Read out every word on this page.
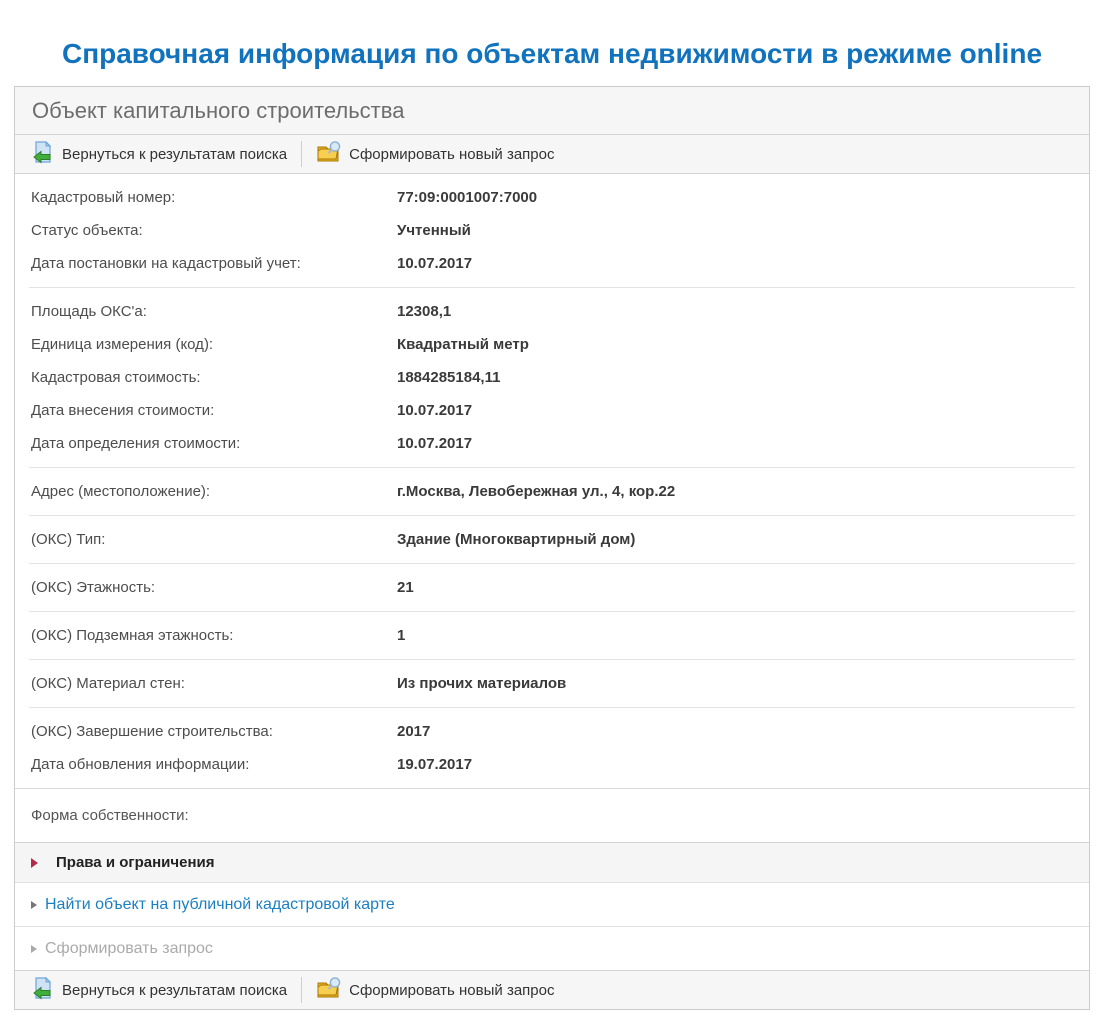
Справочная информация по объектам недвижимости в режиме online
Объект капитального строительства
Вернуться к результатам поиска	Сформировать новый запрос
Кадастровый номер:	77:09:0001007:7000
Статус объекта:	Учтенный
Дата постановки на кадастровый учет:	10.07.2017
Площадь ОКС'а:	12308,1
Единица измерения (код):	Квадратный метр
Кадастровая стоимость:	1884285184,11
Дата внесения стоимости:	10.07.2017
Дата определения стоимости:	10.07.2017
Адрес (местоположение):	г.Москва, Левобережная ул., 4, кор.22
(ОКС) Тип:	Здание (Многоквартирный дом)
(ОКС) Этажность:	21
(ОКС) Подземная этажность:	1
(ОКС) Материал стен:	Из прочих материалов
(ОКС) Завершение строительства:	2017
Дата обновления информации:	19.07.2017
Форма собственности:
Права и ограничения
Найти объект на публичной кадастровой карте
Сформировать запрос
Вернуться к результатам поиска	Сформировать новый запрос
